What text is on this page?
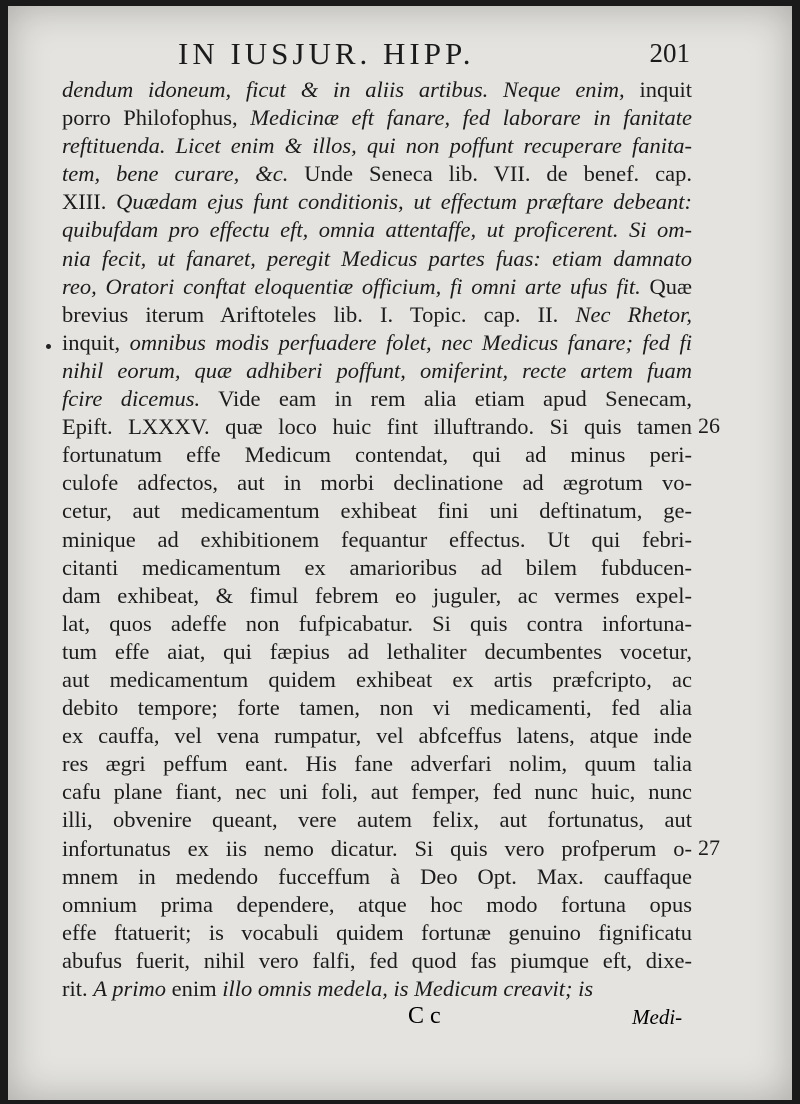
IN IUSJUR. HIPP.	201
dendum idoneum, ficut & in aliis artibus. Neque enim, inquit
porro Philofophus, Medicinæ eft fanare, fed laborare in fanitate
reftituenda. Licet enim & illos, qui non poffunt recuperare fanita-
tem, bene curare, &c. Unde Seneca lib. VII. de benef. cap.
XIII. Quædam ejus funt conditionis, ut effectum præftare debeant:
quibufdam pro effectu eft, omnia attentaffe, ut proficerent. Si om-
nia fecit, ut fanaret, peregit Medicus partes fuas: etiam damnato
reo, Oratori conftat eloquentiæ officium, fi omni arte ufus fit. Quæ
brevius iterum Ariftoteles lib. I. Topic. cap. II. Nec Rhetor,
inquit, omnibus modis perfuadere folet, nec Medicus fanare; fed fi
nihil eorum, quæ adhiberi poffunt, omiferint, recte artem fuam
fcire dicemus. Vide eam in rem alia etiam apud Senecam,
Epift. LXXXV. quæ loco huic fint illuftrando. Si quis tamen
fortunatum effe Medicum contendat, qui ad minus peri-
culofe adfectos, aut in morbi declinatione ad ægrotum vo-
cetur, aut medicamentum exhibeat fini uni deftinatum, ge-
minique ad exhibitionem fequantur effectus. Ut qui febri-
citanti medicamentum ex amarioribus ad bilem fubducen-
dam exhibeat, & fimul febrem eo juguler, ac vermes expel-
lat, quos adeffe non fufpicabatur. Si quis contra infortuna-
tum effe aiat, qui fæpius ad lethaliter decumbentes vocetur,
aut medicamentum quidem exhibeat ex artis præfcripto, ac
debito tempore; forte tamen, non vi medicamenti, fed alia
ex cauffa, vel vena rumpatur, vel abfceffus latens, atque inde
res ægri peffum eant. His fane adverfari nolim, quum talia
cafu plane fiant, nec uni foli, aut femper, fed nunc huic, nunc
illi, obvenire queant, vere autem felix, aut fortunatus, aut
infortunatus ex iis nemo dicatur. Si quis vero profperum o-
mnem in medendo fucceffum à Deo Opt. Max. cauffaque
omnium prima dependere, atque hoc modo fortuna opus
effe ftatuerit; is vocabuli quidem fortunæ genuino fignificatu
abufus fuerit, nihil vero falfi, fed quod fas piumque eft, dixe-
rit. A primo enim illo omnis medela, is Medicum creavit; is
26
27
Cc	Medi-
